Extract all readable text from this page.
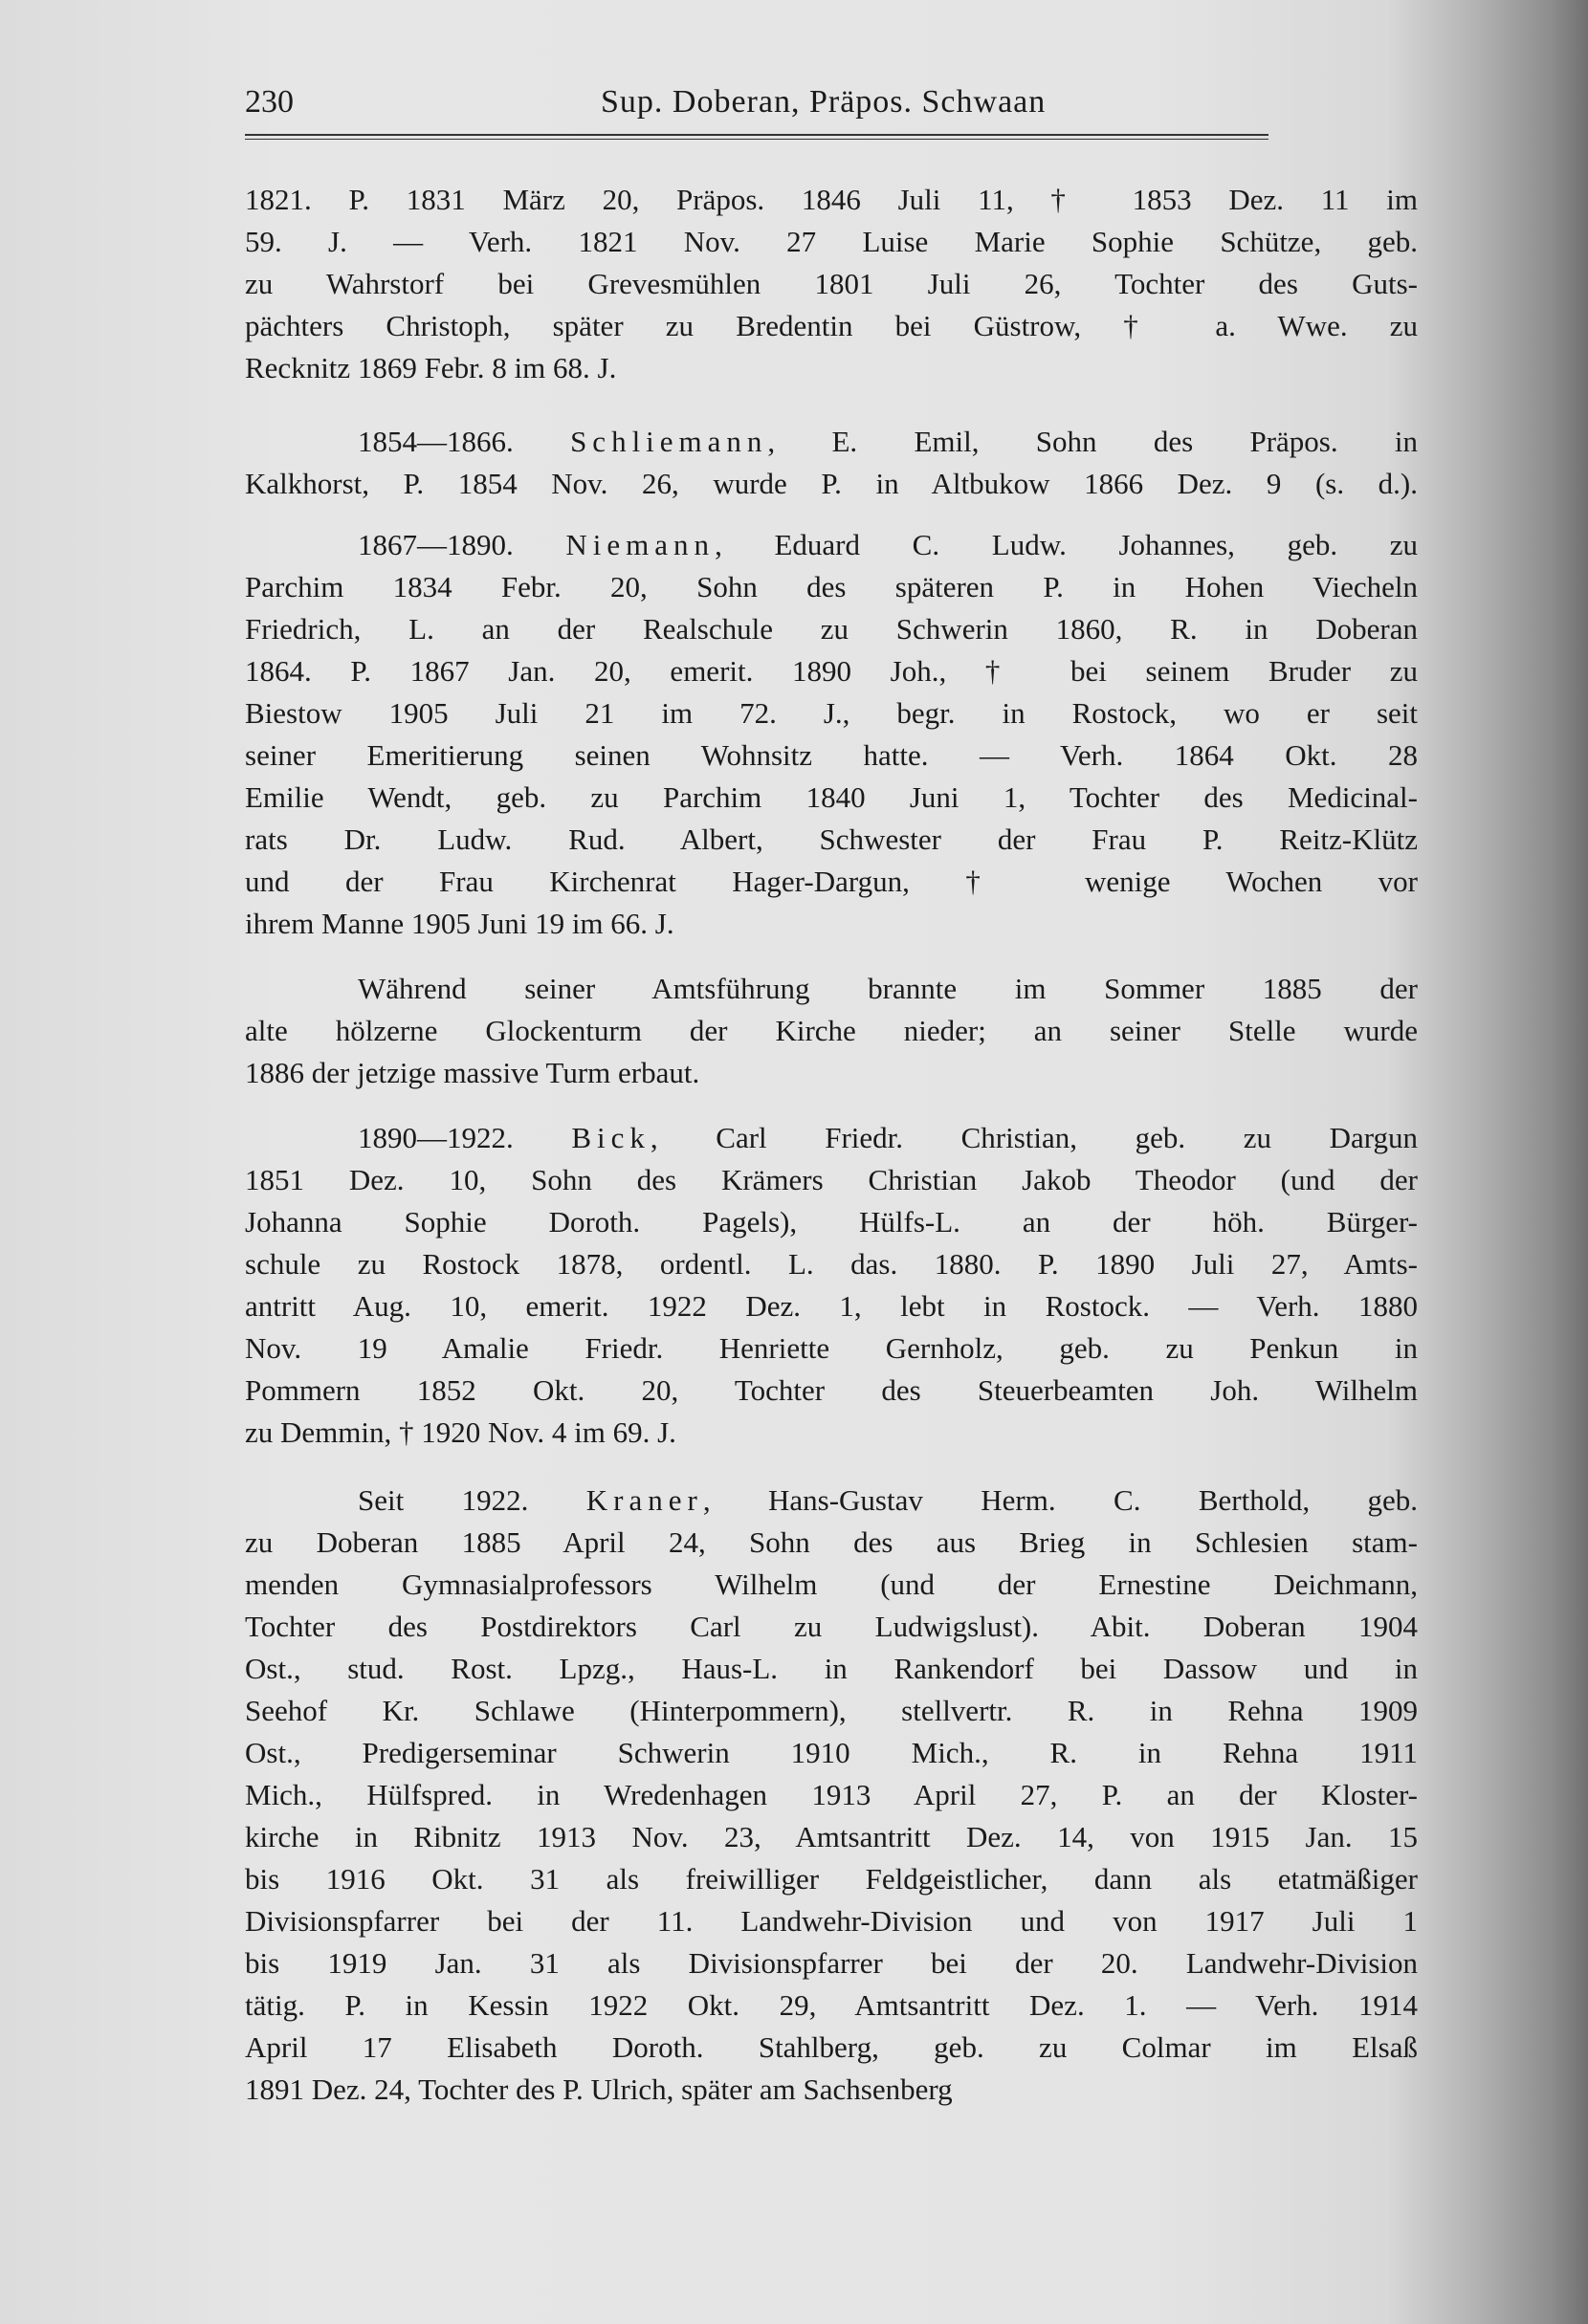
230	Sup. Doberan, Präpos. Schwaan
1821. P. 1831 März 20, Präpos. 1846 Juli 11, † 1853 Dez. 11 im
59. J. — Verh. 1821 Nov. 27 Luise Marie Sophie Schütze, geb.
zu Wahrstorf bei Grevesmühlen 1801 Juli 26, Tochter des Guts-
pächters Christoph, später zu Bredentin bei Güstrow, † a. Wwe. zu
Recknitz 1869 Febr. 8 im 68. J.
1854—1866. Schliemann, E. Emil, Sohn des Präpos. in
Kalkhorst, P. 1854 Nov. 26, wurde P. in Altbukow 1866 Dez. 9 (s. d.).
1867—1890. Niemann, Eduard C. Ludw. Johannes, geb. zu
Parchim 1834 Febr. 20, Sohn des späteren P. in Hohen Viecheln
Friedrich, L. an der Realschule zu Schwerin 1860, R. in Doberan
1864. P. 1867 Jan. 20, emerit. 1890 Joh., † bei seinem Bruder zu
Biestow 1905 Juli 21 im 72. J., begr. in Rostock, wo er seit
seiner Emeritierung seinen Wohnsitz hatte. — Verh. 1864 Okt. 28
Emilie Wendt, geb. zu Parchim 1840 Juni 1, Tochter des Medicinal-
rats Dr. Ludw. Rud. Albert, Schwester der Frau P. Reitz-Klütz
und der Frau Kirchenrat Hager-Dargun, † wenige Wochen vor
ihrem Manne 1905 Juni 19 im 66. J.
Während seiner Amtsführung brannte im Sommer 1885 der
alte hölzerne Glockenturm der Kirche nieder; an seiner Stelle wurde
1886 der jetzige massive Turm erbaut.
1890—1922. Bick, Carl Friedr. Christian, geb. zu Dargun
1851 Dez. 10, Sohn des Krämers Christian Jakob Theodor (und der
Johanna Sophie Doroth. Pagels), Hülfs-L. an der höh. Bürger-
schule zu Rostock 1878, ordentl. L. das. 1880. P. 1890 Juli 27, Amts-
antritt Aug. 10, emerit. 1922 Dez. 1, lebt in Rostock. — Verh. 1880
Nov. 19 Amalie Friedr. Henriette Gernholz, geb. zu Penkun in
Pommern 1852 Okt. 20, Tochter des Steuerbeamten Joh. Wilhelm
zu Demmin, † 1920 Nov. 4 im 69. J.
Seit 1922. Kraner, Hans-Gustav Herm. C. Berthold, geb.
zu Doberan 1885 April 24, Sohn des aus Brieg in Schlesien stam-
menden Gymnasialprofessors Wilhelm (und der Ernestine Deichmann,
Tochter des Postdirektors Carl zu Ludwigslust). Abit. Doberan 1904
Ost., stud. Rost. Lpzg., Haus-L. in Rankendorf bei Dassow und in
Seehof Kr. Schlawe (Hinterpommern), stellvertr. R. in Rehna 1909
Ost., Predigerseminar Schwerin 1910 Mich., R. in Rehna 1911
Mich., Hülfspred. in Wredenhagen 1913 April 27, P. an der Kloster-
kirche in Ribnitz 1913 Nov. 23, Amtsantritt Dez. 14, von 1915 Jan. 15
bis 1916 Okt. 31 als freiwilliger Feldgeistlicher, dann als etatmäßiger
Divisionspfarrer bei der 11. Landwehr-Division und von 1917 Juli 1
bis 1919 Jan. 31 als Divisionspfarrer bei der 20. Landwehr-Division
tätig. P. in Kessin 1922 Okt. 29, Amtsantritt Dez. 1. — Verh. 1914
April 17 Elisabeth Doroth. Stahlberg, geb. zu Colmar im Elsaß
1891 Dez. 24, Tochter des P. Ulrich, später am Sachsenberg
